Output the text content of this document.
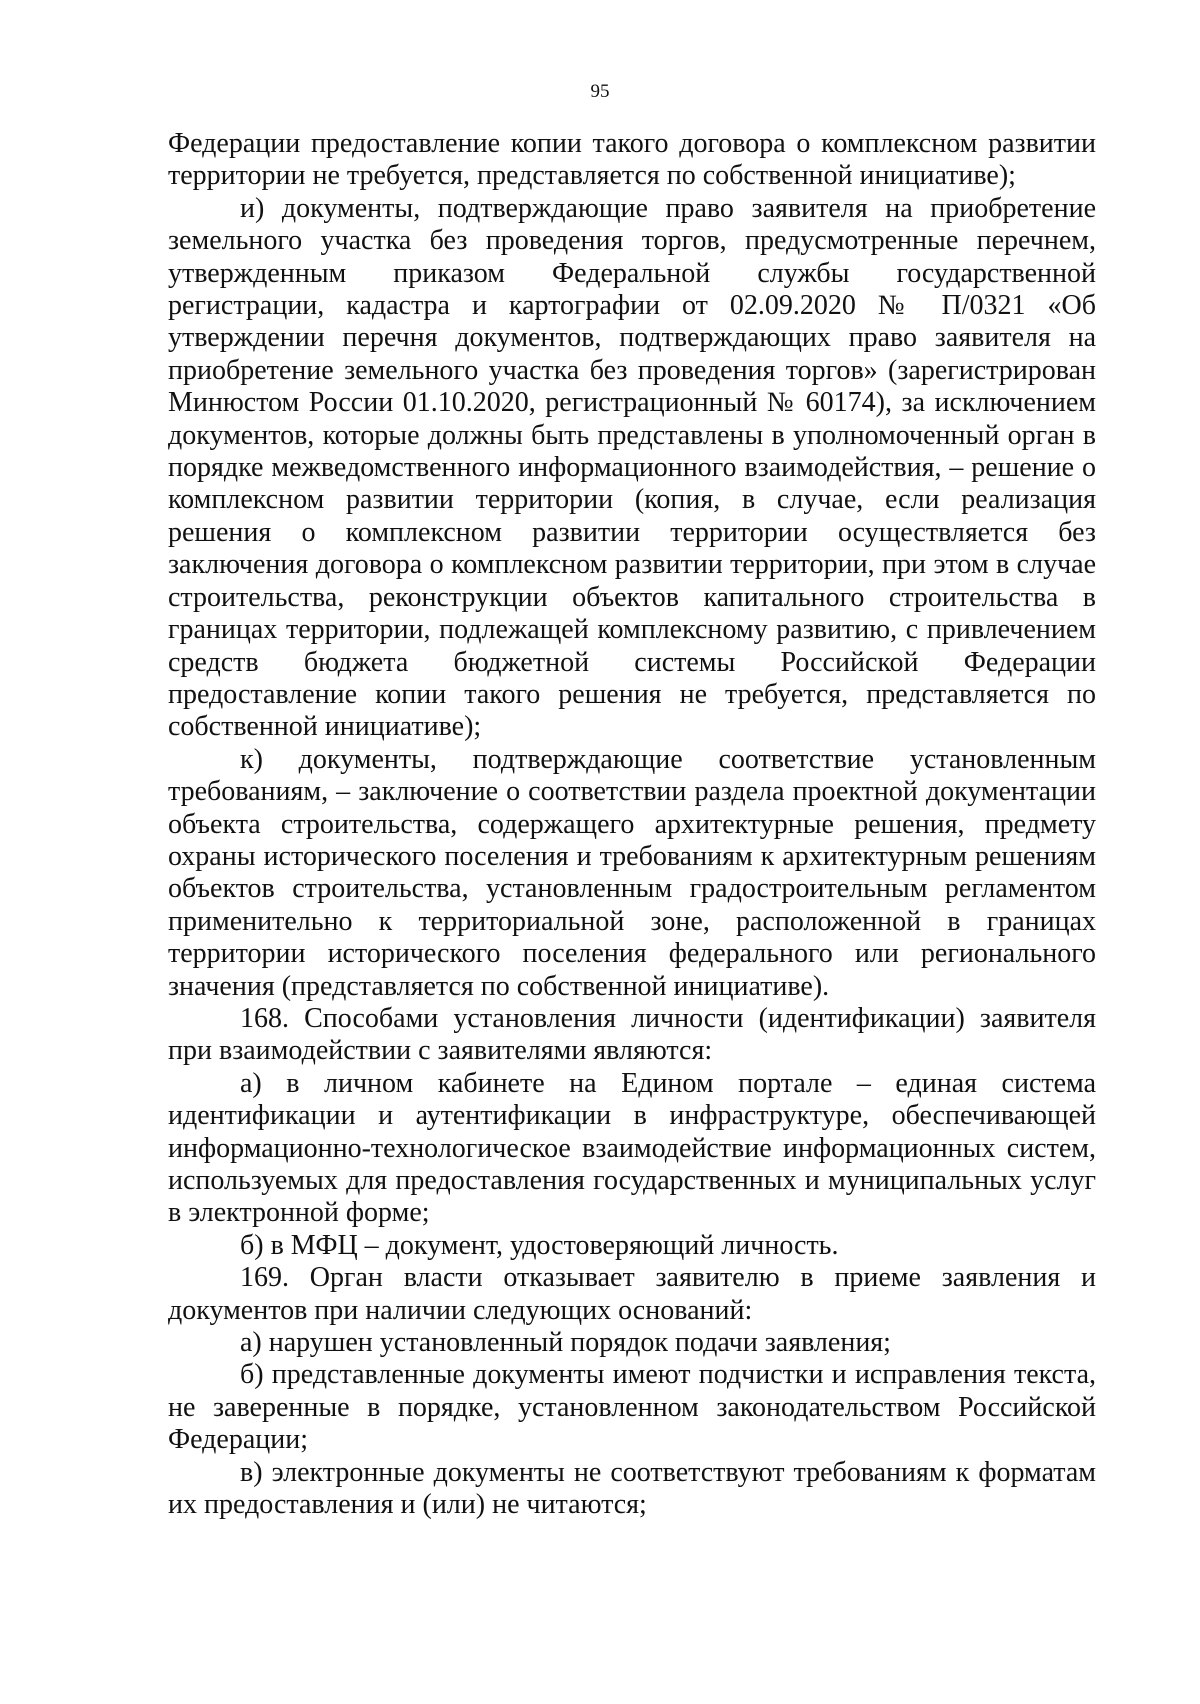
95

Федерации предоставление копии такого договора о комплексном развитии территории не требуется, представляется по собственной инициативе);

и) документы, подтверждающие право заявителя на приобретение земельного участка без проведения торгов, предусмотренные перечнем, утвержденным приказом Федеральной службы государственной регистрации, кадастра и картографии от 02.09.2020 № П/0321 «Об утверждении перечня документов, подтверждающих право заявителя на приобретение земельного участка без проведения торгов» (зарегистрирован Минюстом России 01.10.2020, регистрационный № 60174), за исключением документов, которые должны быть представлены в уполномоченный орган в порядке межведомственного информационного взаимодействия, – решение о комплексном развитии территории (копия, в случае, если реализация решения о комплексном развитии территории осуществляется без заключения договора о комплексном развитии территории, при этом в случае строительства, реконструкции объектов капитального строительства в границах территории, подлежащей комплексному развитию, с привлечением средств бюджета бюджетной системы Российской Федерации предоставление копии такого решения не требуется, представляется по собственной инициативе);

к) документы, подтверждающие соответствие установленным требованиям, – заключение о соответствии раздела проектной документации объекта строительства, содержащего архитектурные решения, предмету охраны исторического поселения и требованиям к архитектурным решениям объектов строительства, установленным градостроительным регламентом применительно к территориальной зоне, расположенной в границах территории исторического поселения федерального или регионального значения (представляется по собственной инициативе).

168. Способами установления личности (идентификации) заявителя при взаимодействии с заявителями являются:

а) в личном кабинете на Едином портале – единая система идентификации и аутентификации в инфраструктуре, обеспечивающей информационно-технологическое взаимодействие информационных систем, используемых для предоставления государственных и муниципальных услуг в электронной форме;

б) в МФЦ – документ, удостоверяющий личность.

169. Орган власти отказывает заявителю в приеме заявления и документов при наличии следующих оснований:

а) нарушен установленный порядок подачи заявления;

б) представленные документы имеют подчистки и исправления текста, не заверенные в порядке, установленном законодательством Российской Федерации;

в) электронные документы не соответствуют требованиям к форматам их предоставления и (или) не читаются;
